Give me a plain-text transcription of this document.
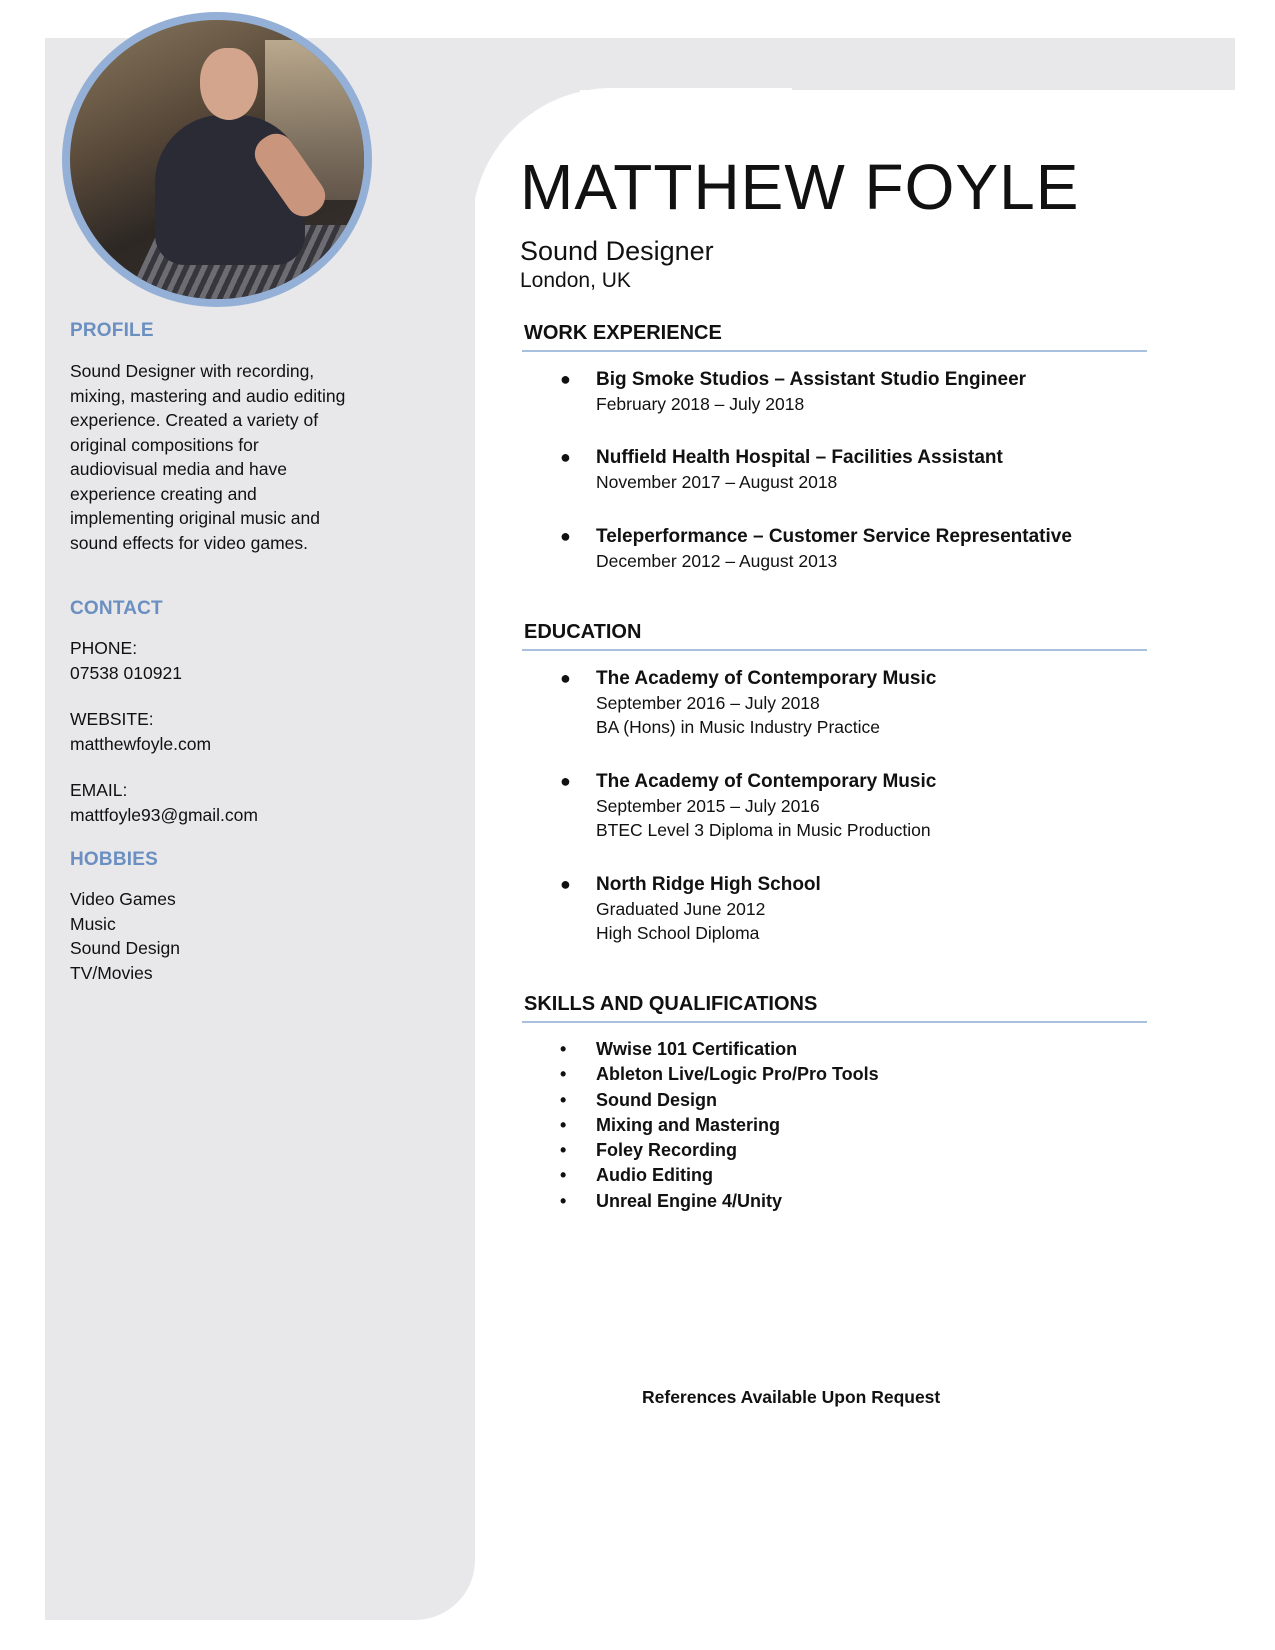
PROFILE
Sound Designer with recording,
mixing, mastering and audio editing
experience. Created a variety of
original compositions for
audiovisual media and have
experience creating and
implementing original music and
sound effects for video games.
CONTACT
PHONE:
07538 010921
WEBSITE:
matthewfoyle.com
EMAIL:
mattfoyle93@gmail.com
HOBBIES
Video Games
Music
Sound Design
TV/Movies
MATTHEW FOYLE
Sound Designer
London, UK
WORK EXPERIENCE
● Big Smoke Studios – Assistant Studio Engineer
February 2018 – July 2018
● Nuffield Health Hospital – Facilities Assistant
November 2017 – August 2018
● Teleperformance – Customer Service Representative
December 2012 – August 2013
EDUCATION
● The Academy of Contemporary Music
September 2016 – July 2018
BA (Hons) in Music Industry Practice
● The Academy of Contemporary Music
September 2015 – July 2016
BTEC Level 3 Diploma in Music Production
● North Ridge High School
Graduated June 2012
High School Diploma
SKILLS AND QUALIFICATIONS
• Wwise 101 Certification
• Ableton Live/Logic Pro/Pro Tools
• Sound Design
• Mixing and Mastering
• Foley Recording
• Audio Editing
• Unreal Engine 4/Unity
References Available Upon Request
